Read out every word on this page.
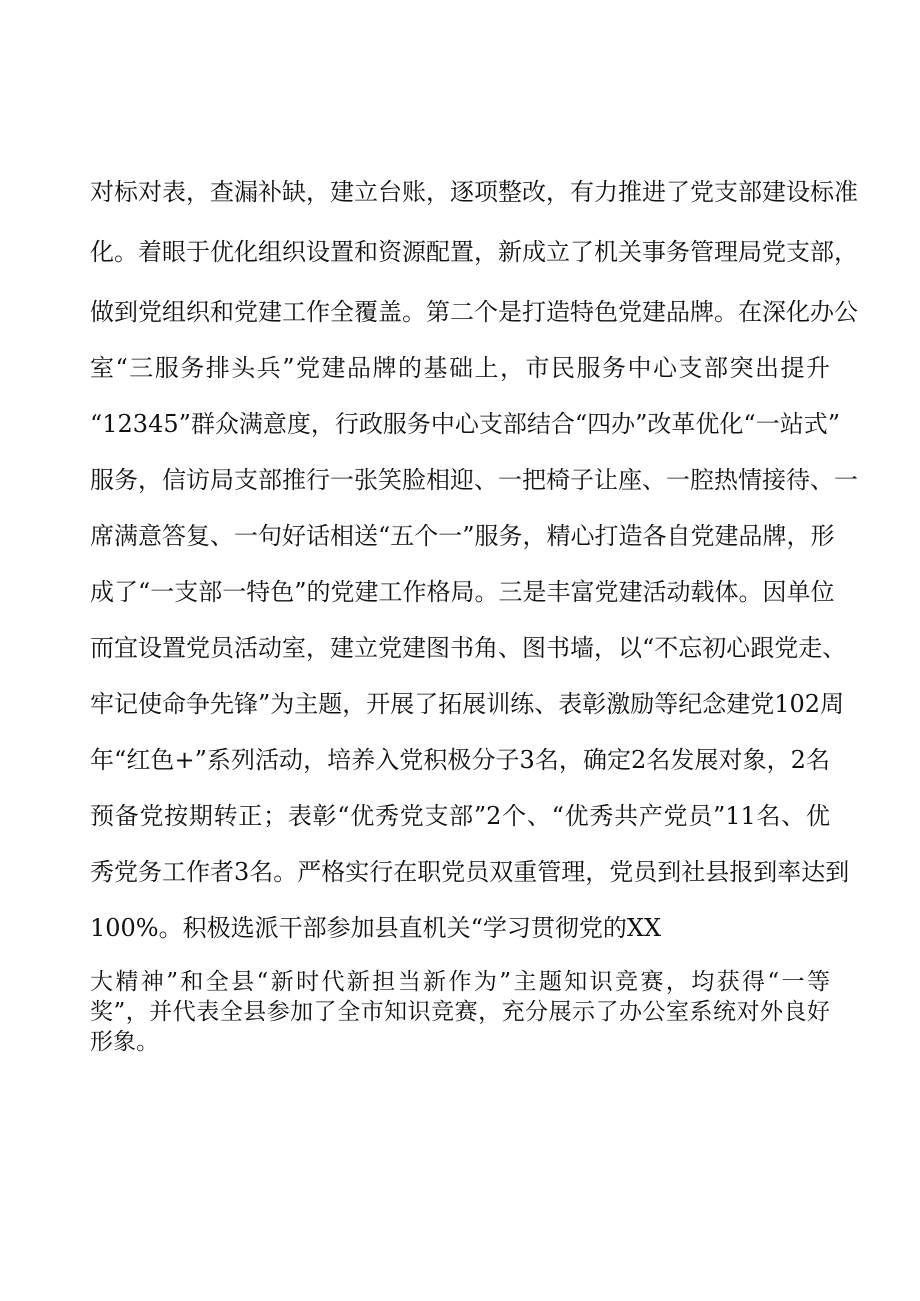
对标对表，查漏补缺，建立台账，逐项整改，有力推进了党支部建设标准
化。着眼于优化组织设置和资源配置，新成立了机关事务管理局党支部，
做到党组织和党建工作全覆盖。第二个是打造特色党建品牌。在深化办公
室“三服务排头兵”党建品牌的基础上，市民服务中心支部突出提升
“12345”群众满意度，行政服务中心支部结合“四办”改革优化“一站式”
服务，信访局支部推行一张笑脸相迎、一把椅子让座、一腔热情接待、一
席满意答复、一句好话相送“五个一”服务，精心打造各自党建品牌，形
成了“一支部一特色”的党建工作格局。三是丰富党建活动载体。因单位
而宜设置党员活动室，建立党建图书角、图书墙，以“不忘初心跟党走、
牢记使命争先锋”为主题，开展了拓展训练、表彰激励等纪念建党102周
年“红色+”系列活动，培养入党积极分子3名，确定2名发展对象，2名
预备党按期转正；表彰“优秀党支部”2个、“优秀共产党员”11名、优
秀党务工作者3名。严格实行在职党员双重管理，党员到社县报到率达到
100%。积极选派干部参加县直机关“学习贯彻党的XX
大精神”和全县“新时代新担当新作为”主题知识竞赛，均获得“一等
奖”，并代表全县参加了全市知识竞赛，充分展示了办公室系统对外良好
形象。
